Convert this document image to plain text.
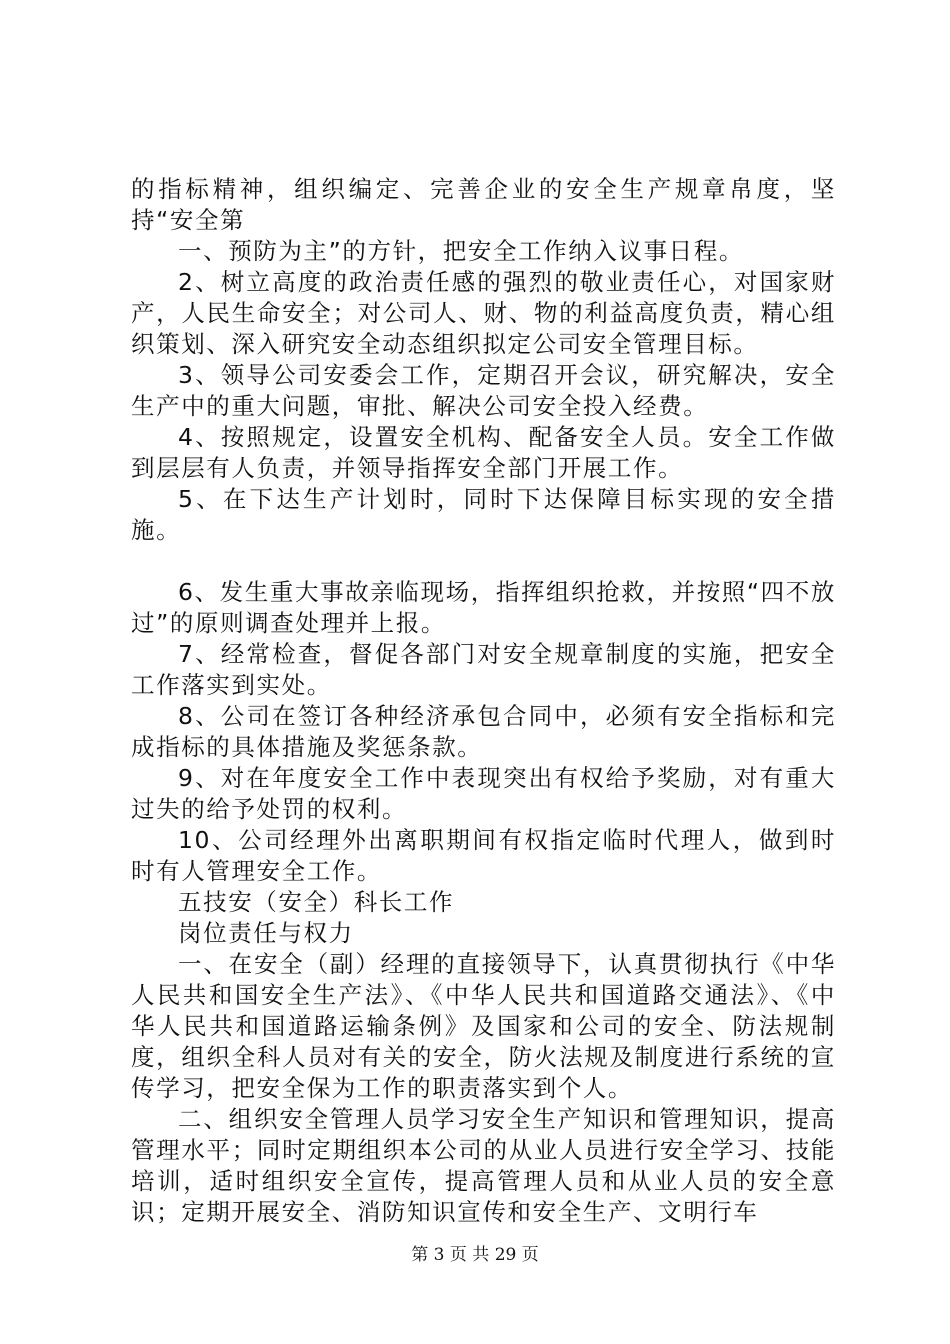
的指标精神，组织编定、完善企业的安全生产规章帛度，坚持“安全第

一、预防为主”的方针，把安全工作纳入议事日程。

2、树立高度的政治责任感的强烈的敬业责任心，对国家财产，人民生命安全；对公司人、财、物的利益高度负责，精心组织策划、深入研究安全动态组织拟定公司安全管理目标。

3、领导公司安委会工作，定期召开会议，研究解决，安全生产中的重大问题，审批、解决公司安全投入经费。

4、按照规定，设置安全机构、配备安全人员。安全工作做到层层有人负责，并领导指挥安全部门开展工作。

5、在下达生产计划时，同时下达保障目标实现的安全措施。

6、发生重大事故亲临现场，指挥组织抢救，并按照“四不放过”的原则调查处理并上报。

7、经常检查，督促各部门对安全规章制度的实施，把安全工作落实到实处。

8、公司在签订各种经济承包合同中，必须有安全指标和完成指标的具体措施及奖惩条款。

9、对在年度安全工作中表现突出有权给予奖励，对有重大过失的给予处罚的权利。

10、公司经理外出离职期间有权指定临时代理人，做到时时有人管理安全工作。

五技安（安全）科长工作

岗位责任与权力

一、在安全（副）经理的直接领导下，认真贯彻执行《中华人民共和国安全生产法》、《中华人民共和国道路交通法》、《中华人民共和国道路运输条例》及国家和公司的安全、防法规制度，组织全科人员对有关的安全，防火法规及制度进行系统的宣传学习，把安全保为工作的职责落实到个人。

二、组织安全管理人员学习安全生产知识和管理知识，提高管理水平；同时定期组织本公司的从业人员进行安全学习、技能培训，适时组织安全宣传，提高管理人员和从业人员的安全意识；定期开展安全、消防知识宣传和安全生产、文明行车

第 3 页 共 29 页
